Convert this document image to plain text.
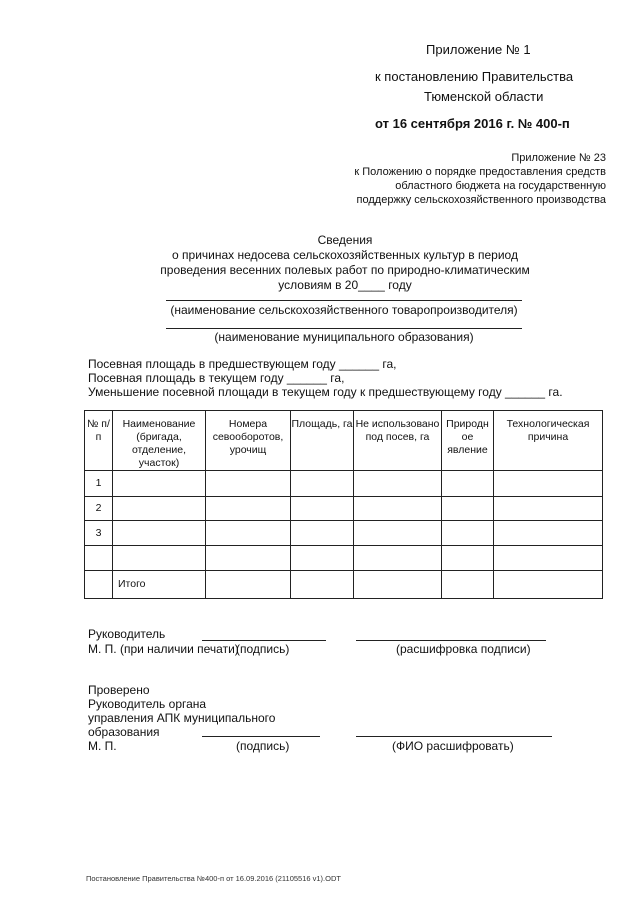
Приложение № 1
к постановлению Правительства
Тюменской области
от 16 сентября 2016 г. № 400-п
Приложение № 23
к Положению о порядке предоставления средств
областного бюджета на государственную
поддержку сельскохозяйственного производства
Сведения
о причинах недосева сельскохозяйственных культур в период
проведения весенних полевых работ по природно-климатическим
условиям в 20____ году
(наименование сельскохозяйственного товаропроизводителя)
(наименование муниципального образования)
Посевная площадь в предшествующем году ______ га,
Посевная площадь в текущем году ______ га,
Уменьшение посевной площади в текущем году к предшествующему году ______ га.
№ п/п	Наименование (бригада, отделение, участок)	Номера севооборотов, урочищ	Площадь, га	Не использовано под посев, га	Природн ое явление	Технологическая причина
1						
2						
3						

	Итого					
Руководитель
М. П. (при наличии печати)
(подпись)	(расшифровка подписи)
Проверено
Руководитель органа
управления АПК муниципального
образования
М. П.	(подпись)	(ФИО расшифровать)
Постановление Правительства №400-п от 16.09.2016 (21105516 v1).ODT
